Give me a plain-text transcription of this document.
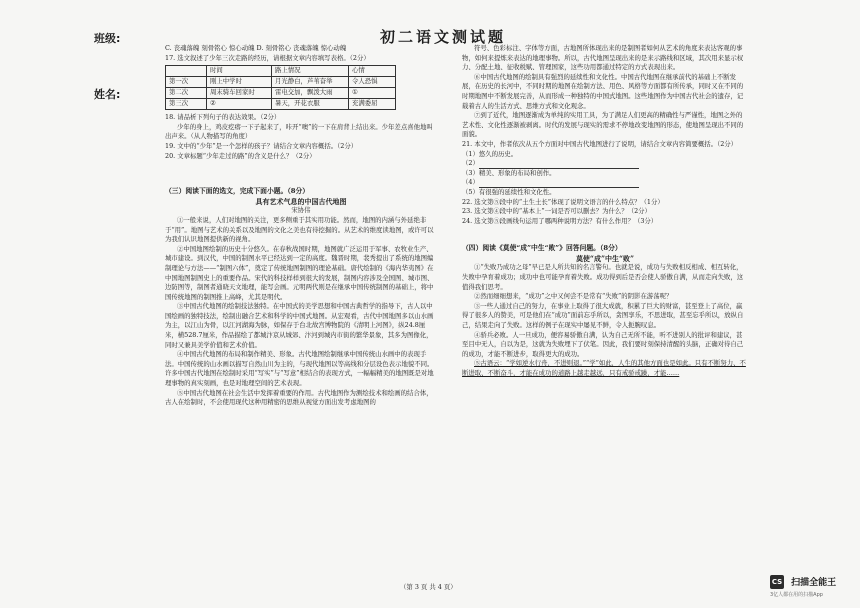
班级:
姓名:
初二语文测试题

C. 丧魂落魄 刻骨铭心 惊心动魄 D. 刻骨铭心 丧魂落魄 惊心动魄

17. 选文叙述了少年三次走路的经历，请根据文章内容填写表格。（2分）

	时间	路上情况	心情
第一次	刚上中学时	月光静白，芦苇奋举	令人恐惧
第二次	周末骑车回家时	雷电交加，飘泼大雨	①
第三次	②	暑天，开花衣服	充满委屈

18. 请品析下列句子的表达效果。（2分）

少年的身上，鸡皮疙瘩一下子起来了，咔开“噢”的一下在肩背上结出来。少年差点喜他地叫出声来。（从人物描写的角度）

19. 文中的“少年”是一个怎样的孩子？请结合文章内容概括。（2分）

20. 文章标题“少年走过的路”的含义是什么？（2分）

（三）阅读下面的选文，完成下面小题。（8分）
具有艺术气息的中国古代地图
宋协伟

①一般来说，人们对地图的关注，更多侧重于其实用功能。然而，地图的内涵与外延绝非于“用”。地图与艺术的关系以及地图的文化之美也有待挖掘的。从艺术的维度读地图，或许可以为我们认识地图提供新的视角。

②中国地图绘制的历史十分悠久。在春秋战国时期，地图就广泛运用于军事、农牧业生产、城市建设。到汉代，中国的制图水平已经达到一定的高度。魏晋时期，裴秀提出了系统的地图编制理论与方法——“制图六体”，奠定了传统地图制图的理论基础。唐代绘制的《海内华夷图》在中国地图制图史上的重要作品。宋代的科技样样到很大的发展，制图内容涉及全国图、城市图、边防图等，制图者通晓天文地理，能写会画。元明两代则是在继承中国传统制图的基础上，将中国传统地图的制图推上高峰，尤其是明代。

③中国古代地图的绘制技法独特。在中国式的美学思想和中国古典哲学的指导下，古人以中国绘画的独特技法，绘制出融合艺术和科学的中国式地图。从宏观看，古代中国地图多以山水画为主，以江山为骨，以江河湖海为脉，如保存于台北故宫博物院的《清明上河图》，纵24.8厘米，横528.7厘米，作品描绘了都城汴京从城郊、汴河到城内市街的繁华景象，其多为图像化，同时又兼具美学价值和艺术价值。

④中国古代地图的布局和制作精美、形象。古代地图绘制继承中国传统山水画中的表现手法。中国传统的山水画以描写自然山川为主的，与现代地图以等高线和分层设色表示地貌不同。许多中国古代地图在绘制时采用“写实”与“写意”相结合的表现方式，一幅幅精美的地图既是对地理事物的真实刻画，也是对地理空间的艺术表现。

⑤中国古代地图在社会生活中发挥着重要的作用。古代地图作为测绘技术和绘画的结合体，古人在绘制时，不会使用现代这种用精密的思维从视觉方面出发考虑地图的

符号、色彩标注、字体等方面，古地图所体现出来的是制图者如何从艺术的角度来表达客观的事物，如何来提炼来表达的地理事物。所以，古代地图呈现出来的是来示路线和区域，其次用来显示权力、分配土地、征收税赋、管理国家，这些功用都通过特定的方式表现出来。

⑥中国古代地图的绘制具有强烈的延续性和文化性。中国古代地图在继承前代的基础上不断发展，在历史的长河中，不同时期的地图在绘制方法、用色、风格等方面都有所传承，同时又在不同的时期地图中不断发展完善，从而形成一种独特的中国式地图。这些地图作为中国古代社会的遗存，记载着古人的生活方式、思维方式和文化观念。

⑦到了近代，地图逐渐成为单纯的实用工具，为了满足人们更高的精确性与严谨性，地图之外的艺术性、文化性逐渐被剥离。时代的发展与现实的需求不停地改变地图的形态，使地图呈现出不同的面貌。

21. 本文中，作者依次从五个方面对中国古代地图进行了说明，请结合文章内容简要概括。（2分）

（1）悠久的历史。

（2）

（3）精美、形象的布局和创作。

（4）

（5）有很强的延续性和文化性。

22. 选文第⑤段中的“土生土长”体现了说明文语言的什么特点？（1分）

23. 选文第④段中的“基本上”一词是否可以删去？为什么？（2分）

24. 选文第⑤段画线句运用了哪两种说明方法？有什么作用？（3分）

（四）阅读《莫使“成”中生“败”》回答问题。（8分）
莫使“成”中生“败”

①“失败乃成功之母”早已是人所共知的名言警句。也就是说，成功与失败相反相成、相互转化，失败中孕育着成功；成功中也可能孕育着失败。成功得到后是否会使人骄傲自满，从而走向失败，这值得我们思考。

②然而细细想来，“成功”之中又何尝不是常有“失败”的阴影在游荡呢？

③一些人通过自己的努力，在事业上取得了很大成就，积累了巨大的财富，甚至登上了高位，赢得了很多人的赞美，可是他们在“成功”面前忘乎所以，贪图享乐，不思进取，甚至忘乎所以，放纵自己，结果走向了失败。这样的例子在现实中屡见不鲜，令人扼腕叹息。

④骄兵必败。人一旦成功，便容易骄傲自满，认为自己无所不能，听不进别人的批评和建议，甚至目中无人，自以为是，这就为失败埋下了伏笔。因此，我们要时刻保持清醒的头脑，正确对待自己的成功，才能不断进步，取得更大的成功。

⑤古语云：“学如逆水行舟，不进则退。”“学”如此，人生的其他方面也是如此。只有不断努力、不断进取、不断奋斗，才能在成功的道路上越走越远，只有戒骄戒躁，才能……

（第 3 页 共 4 页）
CS 扫描全能王
3亿人都在用的扫描App
